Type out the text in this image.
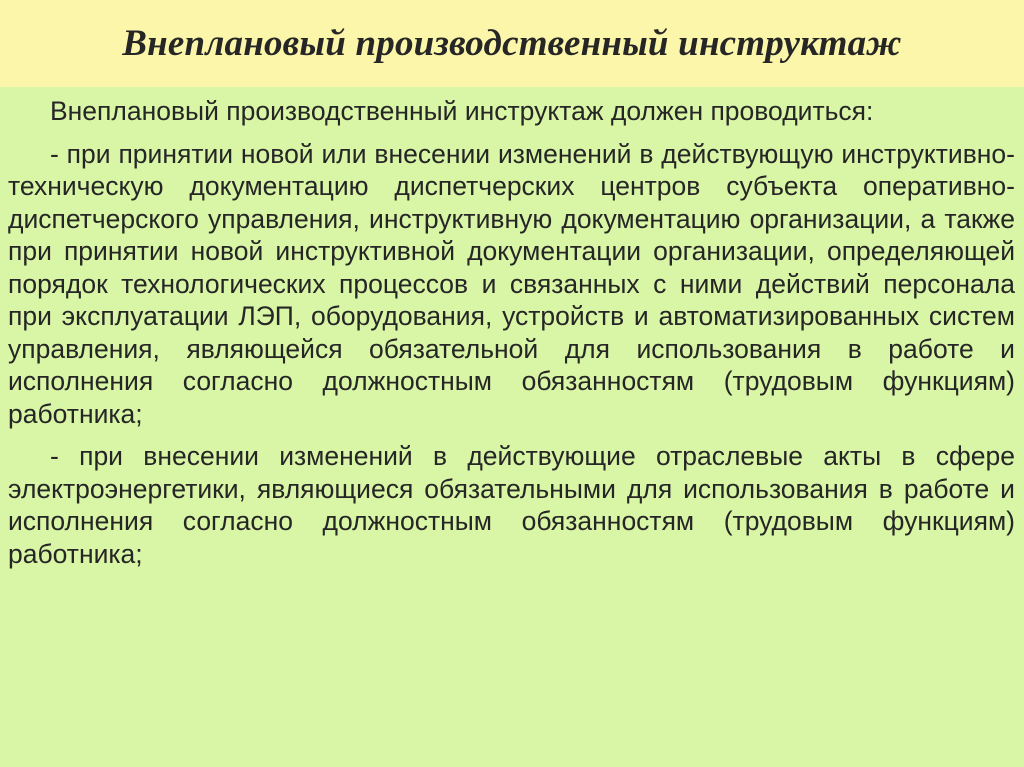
Внеплановый производственный инструктаж

Внеплановый производственный инструктаж должен проводиться:

- при принятии новой или внесении изменений в действующую инструктивно-техническую документацию диспетчерских центров субъекта оперативно-диспетчерского управления, инструктивную документацию организации, а также при принятии новой инструктивной документации организации, определяющей порядок технологических процессов и связанных с ними действий персонала при эксплуатации ЛЭП, оборудования, устройств и автоматизированных систем управления, являющейся обязательной для использования в работе и исполнения согласно должностным обязанностям (трудовым функциям) работника;

- при внесении изменений в действующие отраслевые акты в сфере электроэнергетики, являющиеся обязательными для использования в работе и исполнения согласно должностным обязанностям (трудовым функциям) работника;
